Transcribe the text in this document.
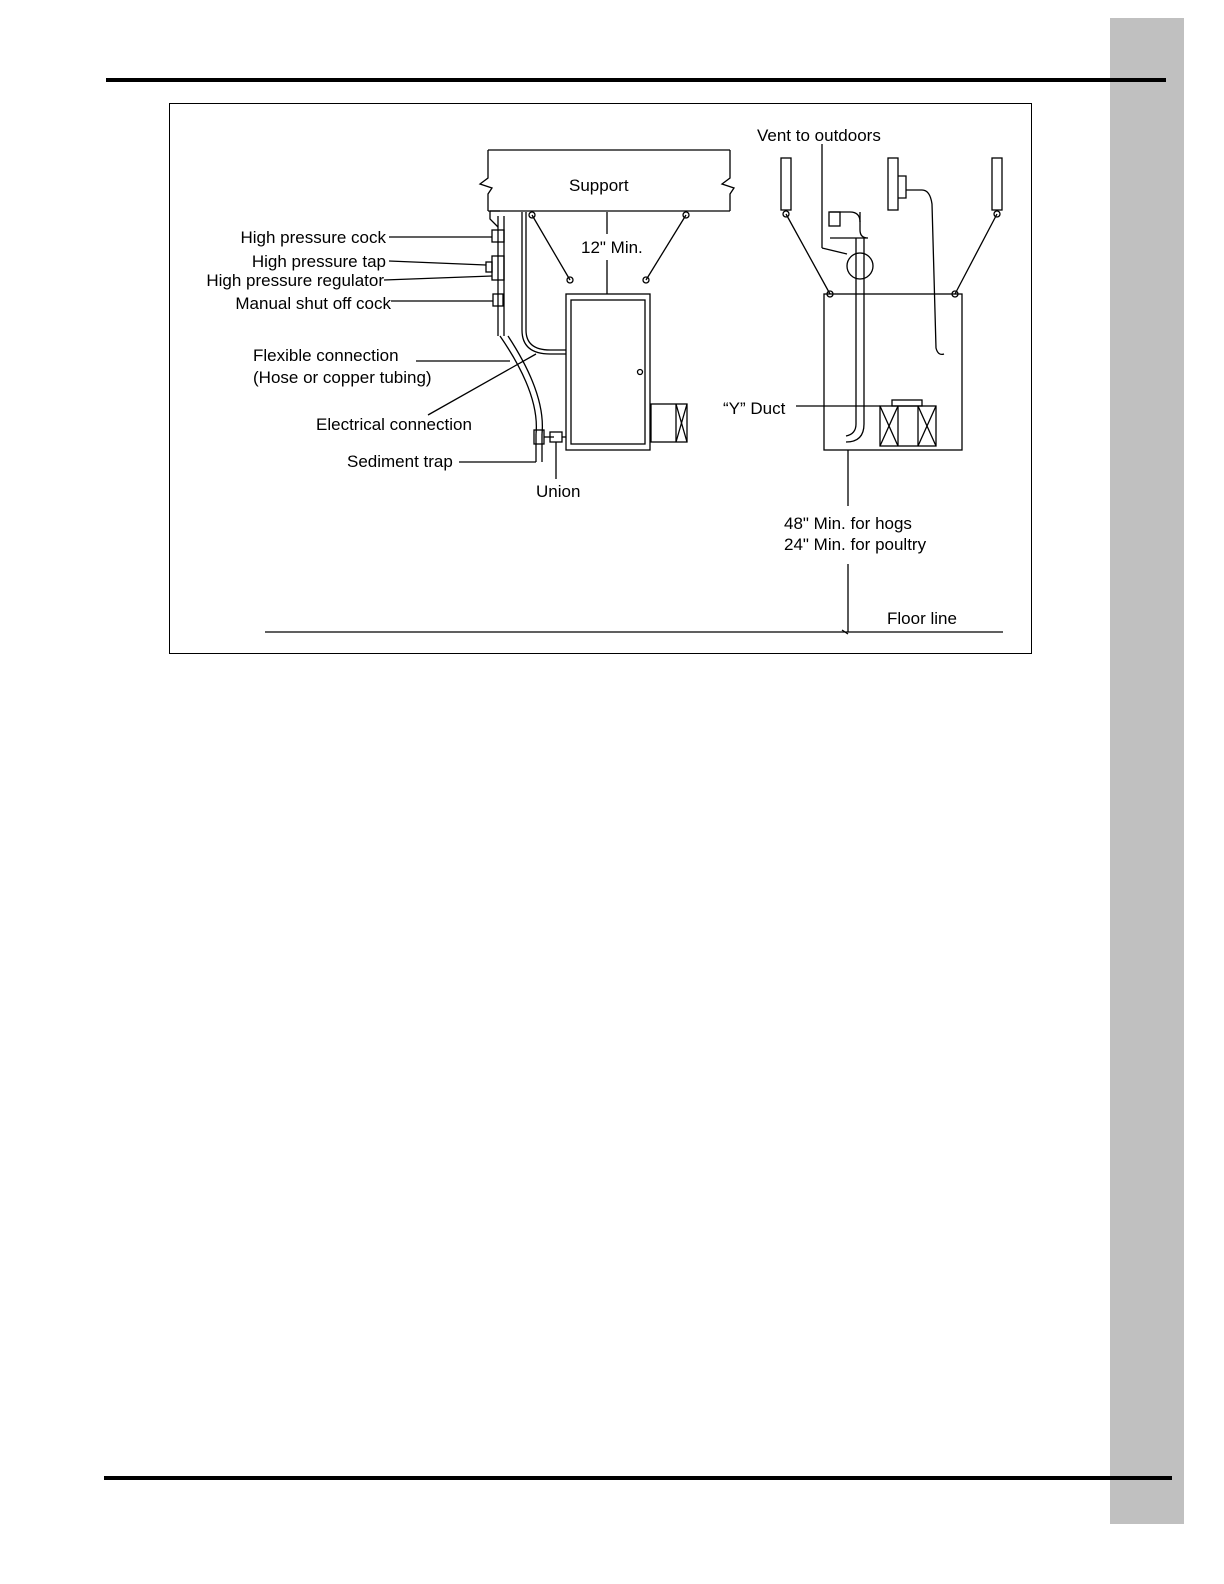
Support
12" Min.
Vent to outdoors
High pressure cock
High pressure tap
High pressure regulator
Manual shut off cock
Flexible connection
(Hose or copper tubing)
Electrical connection
Sediment trap
Union
“Y” Duct
48" Min. for hogs
24" Min. for poultry
Floor line
